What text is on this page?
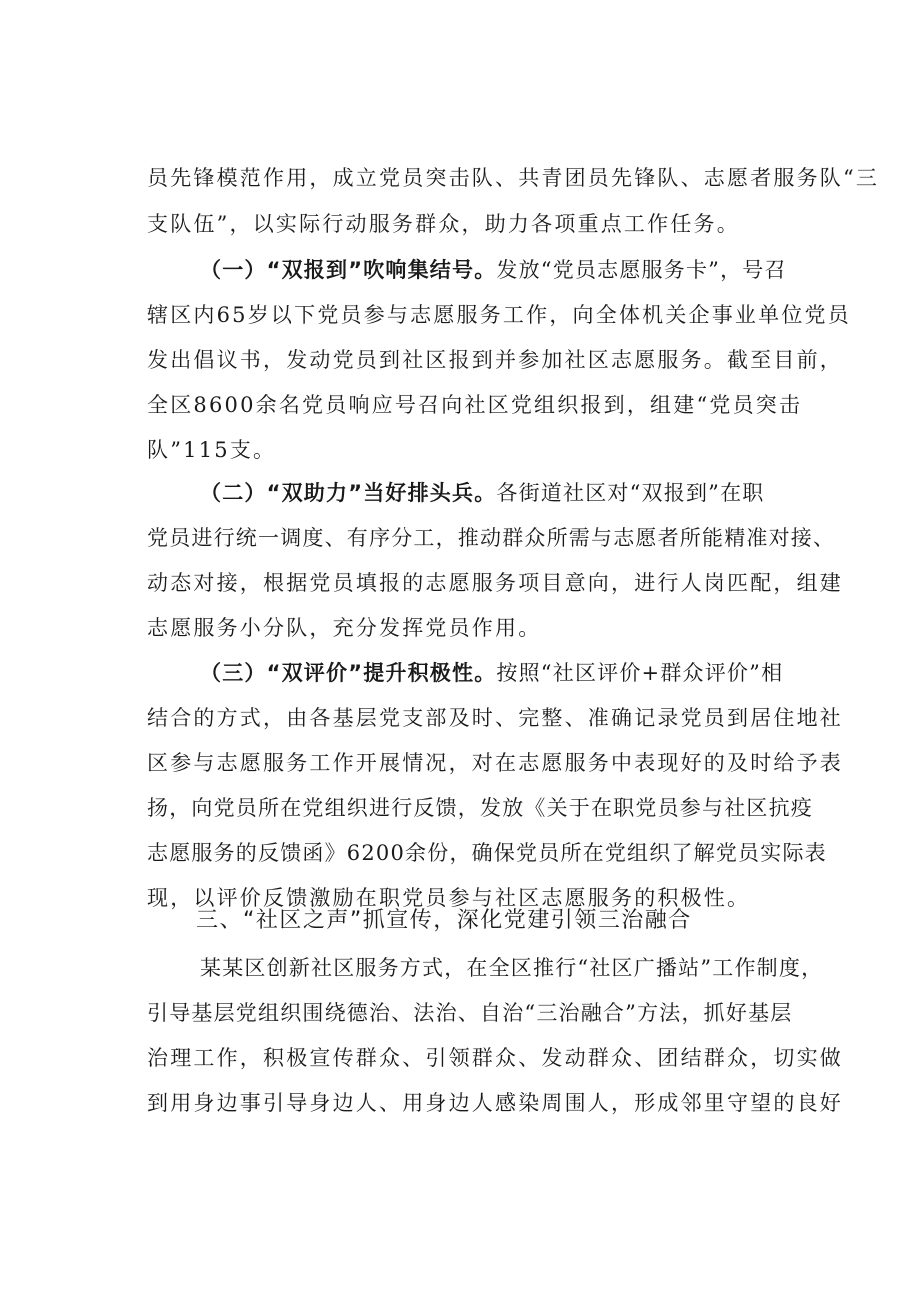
员先锋模范作用，成立党员突击队、共青团员先锋队、志愿者服务队“三
支队伍”，以实际行动服务群众，助力各项重点工作任务。
（一）“双报到”吹响集结号。发放“党员志愿服务卡”，号召
辖区内65岁以下党员参与志愿服务工作，向全体机关企事业单位党员
发出倡议书，发动党员到社区报到并参加社区志愿服务。截至目前，
全区8600余名党员响应号召向社区党组织报到，组建“党员突击
队”115支。
（二）“双助力”当好排头兵。各街道社区对“双报到”在职
党员进行统一调度、有序分工，推动群众所需与志愿者所能精准对接、
动态对接，根据党员填报的志愿服务项目意向，进行人岗匹配，组建
志愿服务小分队，充分发挥党员作用。
（三）“双评价”提升积极性。按照“社区评价+群众评价”相
结合的方式，由各基层党支部及时、完整、准确记录党员到居住地社
区参与志愿服务工作开展情况，对在志愿服务中表现好的及时给予表
扬，向党员所在党组织进行反馈，发放《关于在职党员参与社区抗疫
志愿服务的反馈函》6200余份，确保党员所在党组织了解党员实际表
现，以评价反馈激励在职党员参与社区志愿服务的积极性。
三、“社区之声”抓宣传，深化党建引领三治融合
某某区创新社区服务方式，在全区推行“社区广播站”工作制度，
引导基层党组织围绕德治、法治、自治“三治融合”方法，抓好基层
治理工作，积极宣传群众、引领群众、发动群众、团结群众，切实做
到用身边事引导身边人、用身边人感染周围人，形成邻里守望的良好
